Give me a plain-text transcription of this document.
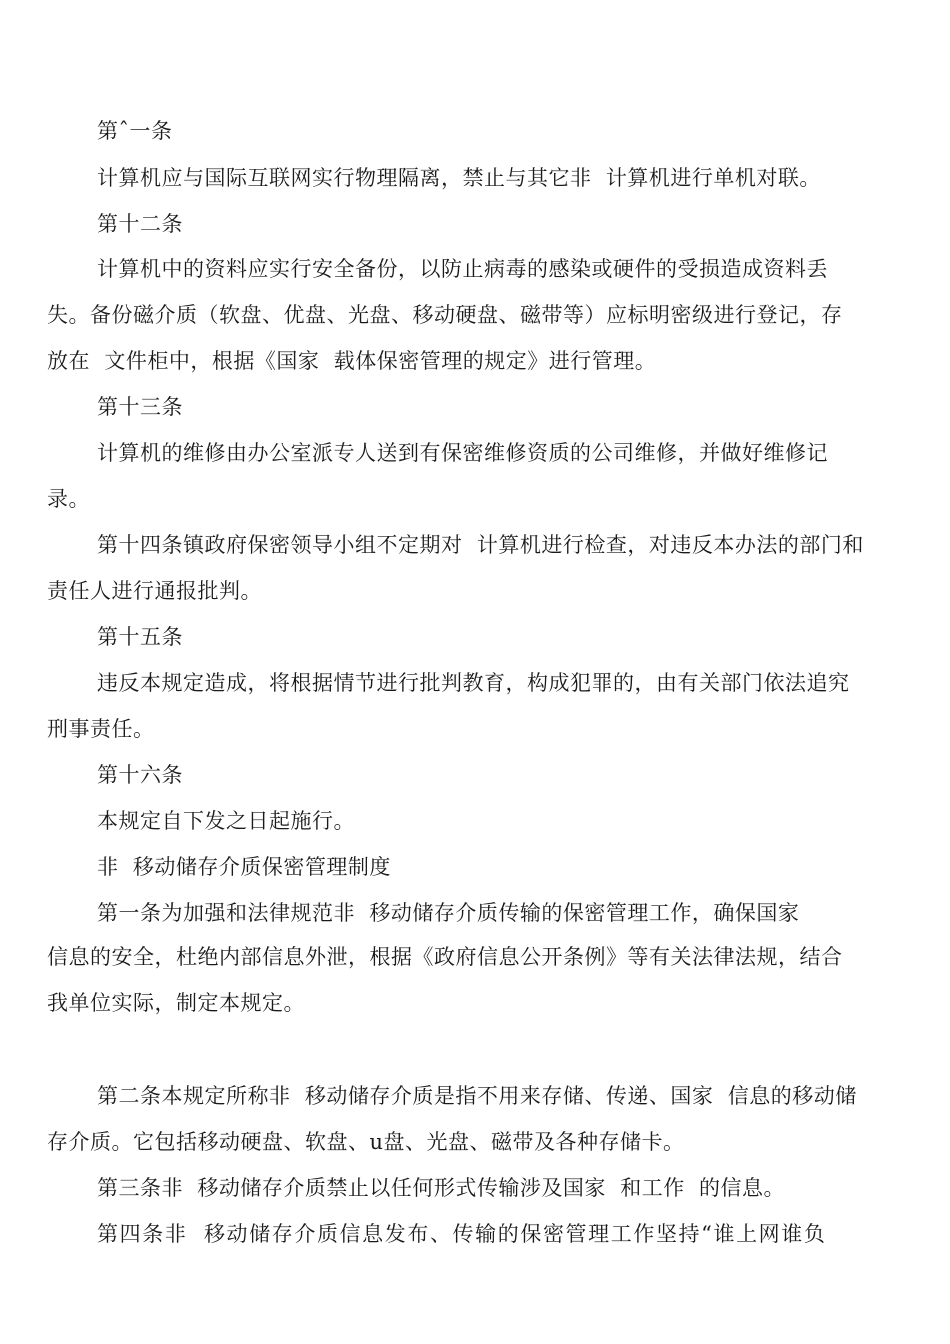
第ˆ一条
计算机应与国际互联网实行物理隔离，禁止与其它非  计算机进行单机对联。
第十二条
计算机中的资料应实行安全备份，以防止病毒的感染或硬件的受损造成资料丢
失。备份磁介质（软盘、优盘、光盘、移动硬盘、磁带等）应标明密级进行登记，存
放在  文件柜中，根据《国家  载体保密管理的规定》进行管理。
第十三条
计算机的维修由办公室派专人送到有保密维修资质的公司维修，并做好维修记
录。
第十四条镇政府保密领导小组不定期对  计算机进行检查，对违反本办法的部门和
责任人进行通报批判。
第十五条
违反本规定造成，将根据情节进行批判教育，构成犯罪的，由有关部门依法追究
刑事责任。
第十六条
本规定自下发之日起施行。
非  移动储存介质保密管理制度
第一条为加强和法律规范非  移动储存介质传输的保密管理工作，确保国家
信息的安全，杜绝内部信息外泄，根据《政府信息公开条例》等有关法律法规，结合
我单位实际，制定本规定。
第二条本规定所称非  移动储存介质是指不用来存储、传递、国家  信息的移动储
存介质。它包括移动硬盘、软盘、u盘、光盘、磁带及各种存储卡。
第三条非  移动储存介质禁止以任何形式传输涉及国家  和工作  的信息。
第四条非  移动储存介质信息发布、传输的保密管理工作坚持“谁上网谁负
